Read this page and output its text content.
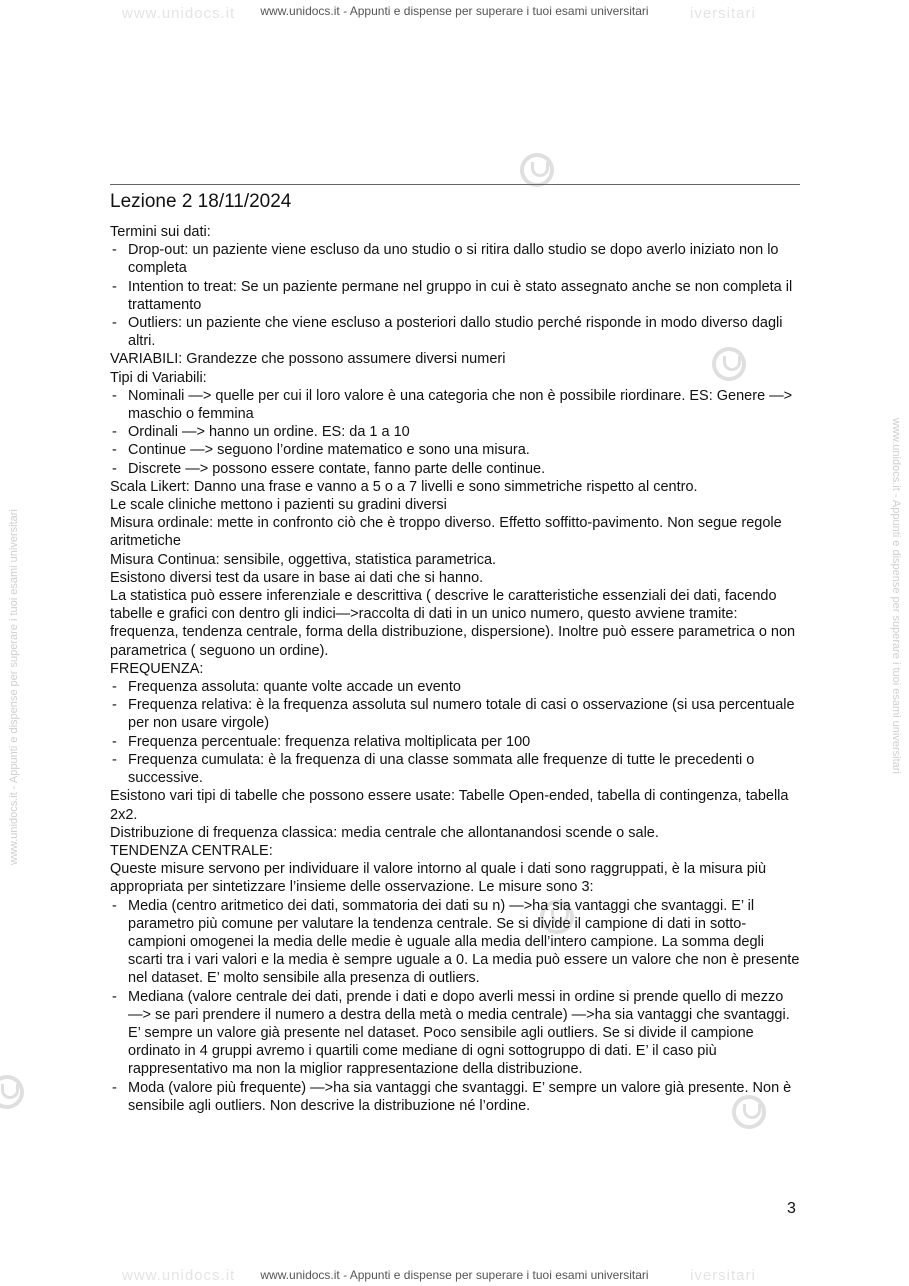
www.unidocs.it	iversitari
www.unidocs.it - Appunti e dispense per superare i tuoi esami universitari
www.unidocs.it	iversitari
www.unidocs.it - Appunti e dispense per superare i tuoi esami universitari
www.unidocs.it - Appunti e dispense per superare i tuoi esami universitari	www.unidocs.it - Appunti e dispense per superare i tuoi esami universitari
Lezione 2 18/11/2024

Termini sui dati:

- Drop-out: un paziente viene escluso da uno studio o si ritira dallo studio se dopo averlo iniziato non lo completa
- Intention to treat: Se un paziente permane nel gruppo in cui è stato assegnato anche se non completa il trattamento
- Outliers: un paziente che viene escluso a posteriori dallo studio perché risponde in modo diverso dagli altri.

VARIABILI: Grandezze che possono assumere diversi numeri

Tipi di Variabili:

- Nominali —> quelle per cui il loro valore è una categoria che non è possibile riordinare. ES: Genere —> maschio o femmina
- Ordinali —> hanno un ordine. ES: da 1 a 10
- Continue —> seguono l’ordine matematico e sono una misura.
- Discrete —> possono essere contate, fanno parte delle continue.

Scala Likert: Danno una frase e vanno a 5 o a 7 livelli e sono simmetriche rispetto al centro.

Le scale cliniche mettono i pazienti su gradini diversi

Misura ordinale: mette in confronto ciò che è troppo diverso. Effetto soffitto-pavimento. Non segue regole aritmetiche

Misura Continua: sensibile, oggettiva, statistica parametrica.

Esistono diversi test da usare in base ai dati che si hanno.

La statistica può essere inferenziale e descrittiva ( descrive le caratteristiche essenziali dei dati, facendo tabelle e grafici con dentro gli indici—>raccolta di dati in un unico numero, questo avviene tramite: frequenza, tendenza centrale, forma della distribuzione, dispersione). Inoltre può essere parametrica o non parametrica ( seguono un ordine).

FREQUENZA:

- Frequenza assoluta: quante volte accade un evento
- Frequenza relativa: è la frequenza assoluta sul numero totale di casi o osservazione (si usa percentuale per non usare virgole)
- Frequenza percentuale: frequenza relativa moltiplicata per 100
- Frequenza cumulata: è la frequenza di una classe sommata alle frequenze di tutte le precedenti o successive.

Esistono vari tipi di tabelle che possono essere usate: Tabelle Open-ended, tabella di contingenza, tabella 2x2.

Distribuzione di frequenza classica: media centrale che allontanandosi scende o sale.

TENDENZA CENTRALE:

Queste misure servono per individuare il valore intorno al quale i dati sono raggruppati, è la misura più appropriata per sintetizzare l’insieme delle osservazione. Le misure sono 3:

- Media (centro aritmetico dei dati, sommatoria dei dati su n) —>ha sia vantaggi che svantaggi. E’ il parametro più comune per valutare la tendenza centrale. Se si divide il campione di dati in sotto-campioni omogenei la media delle medie è uguale alla media dell’intero campione. La somma degli scarti tra i vari valori e la media è sempre uguale a 0. La media può essere un valore che non è presente nel dataset. E’ molto sensibile alla presenza di outliers.
- Mediana (valore centrale dei dati, prende i dati e dopo averli messi in ordine si prende quello di mezzo —> se pari prendere il numero a destra della metà o media centrale) —>ha sia vantaggi che svantaggi. E’ sempre un valore già presente nel dataset. Poco sensibile agli outliers. Se si divide il campione ordinato in 4 gruppi avremo i quartili come mediane di ogni sottogruppo di dati. E’ il caso più rappresentativo ma non la miglior rappresentazione della distribuzione.
- Moda (valore più frequente) —>ha sia vantaggi che svantaggi. E’ sempre un valore già presente. Non è sensibile agli outliers. Non descrive la distribuzione né l’ordine.
3
